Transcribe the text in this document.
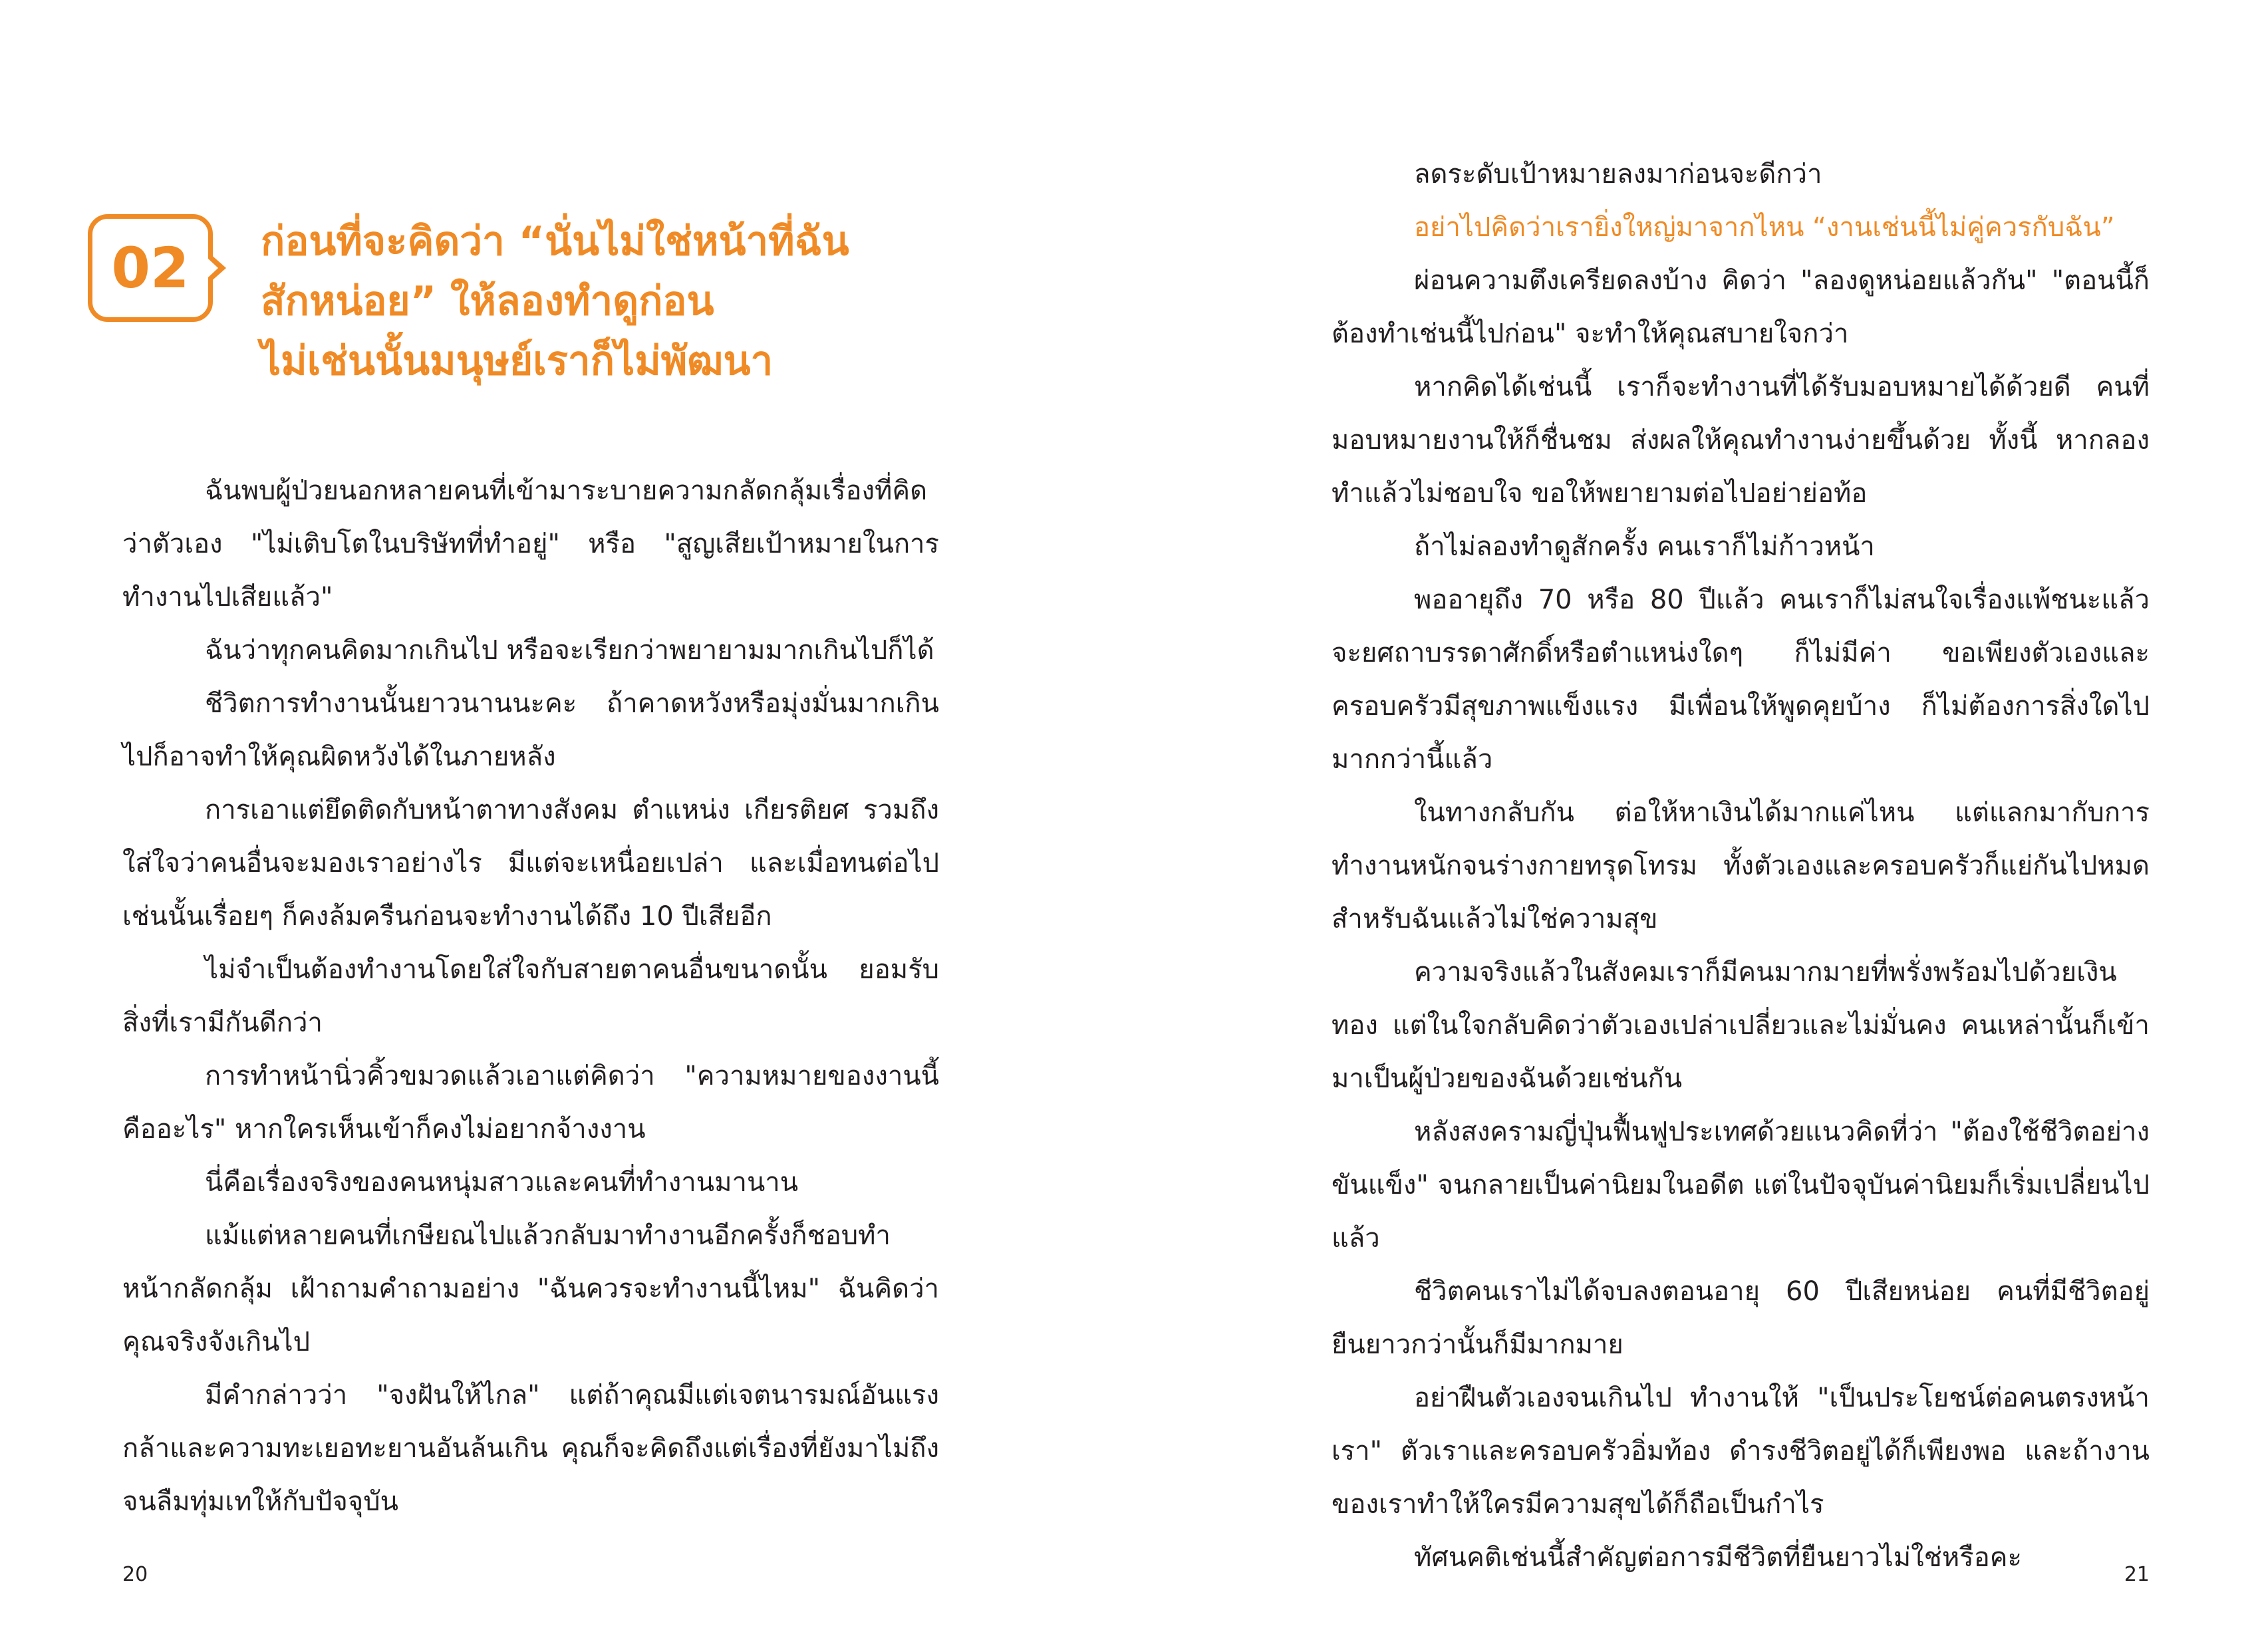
02	ก่อนที่จะคิดว่า “นั่นไม่ใช่หน้าที่ฉัน
สักหน่อย” ให้ลองทำดูก่อน
ไม่เช่นนั้นมนุษย์เราก็ไม่พัฒนา

ฉันพบผู้ป่วยนอกหลายคนที่เข้ามาระบายความกลัดกลุ้มเรื่องที่คิดว่าตัวเอง "ไม่เติบโตในบริษัทที่ทำอยู่" หรือ "สูญเสียเป้าหมายในการทำงานไปเสียแล้ว"

ฉันว่าทุกคนคิดมากเกินไป หรือจะเรียกว่าพยายามมากเกินไปก็ได้

ชีวิตการทำงานนั้นยาวนานนะคะ ถ้าคาดหวังหรือมุ่งมั่นมากเกินไปก็อาจทำให้คุณผิดหวังได้ในภายหลัง

การเอาแต่ยึดติดกับหน้าตาทางสังคม ตำแหน่ง เกียรติยศ รวมถึงใส่ใจว่าคนอื่นจะมองเราอย่างไร มีแต่จะเหนื่อยเปล่า และเมื่อทนต่อไปเช่นนั้นเรื่อยๆ ก็คงล้มครืนก่อนจะทำงานได้ถึง 10 ปีเสียอีก

ไม่จำเป็นต้องทำงานโดยใส่ใจกับสายตาคนอื่นขนาดนั้น ยอมรับสิ่งที่เรามีกันดีกว่า

การทำหน้านิ่วคิ้วขมวดแล้วเอาแต่คิดว่า "ความหมายของงานนี้คืออะไร" หากใครเห็นเข้าก็คงไม่อยากจ้างงาน

นี่คือเรื่องจริงของคนหนุ่มสาวและคนที่ทำงานมานาน

แม้แต่หลายคนที่เกษียณไปแล้วกลับมาทำงานอีกครั้งก็ชอบทำหน้ากลัดกลุ้ม เฝ้าถามคำถามอย่าง "ฉันควรจะทำงานนี้ไหม" ฉันคิดว่าคุณจริงจังเกินไป

มีคำกล่าวว่า "จงฝันให้ไกล" แต่ถ้าคุณมีแต่เจตนารมณ์อันแรงกล้าและความทะเยอทะยานอันล้นเกิน คุณก็จะคิดถึงแต่เรื่องที่ยังมาไม่ถึงจนลืมทุ่มเทให้กับปัจจุบัน

20

ลดระดับเป้าหมายลงมาก่อนจะดีกว่า

อย่าไปคิดว่าเรายิ่งใหญ่มาจากไหน “งานเช่นนี้ไม่คู่ควรกับฉัน”

ผ่อนความตึงเครียดลงบ้าง คิดว่า "ลองดูหน่อยแล้วกัน" "ตอนนี้ก็ต้องทำเช่นนี้ไปก่อน" จะทำให้คุณสบายใจกว่า

หากคิดได้เช่นนี้ เราก็จะทำงานที่ได้รับมอบหมายได้ด้วยดี คนที่มอบหมายงานให้ก็ชื่นชม ส่งผลให้คุณทำงานง่ายขึ้นด้วย ทั้งนี้ หากลองทำแล้วไม่ชอบใจ ขอให้พยายามต่อไปอย่าย่อท้อ

ถ้าไม่ลองทำดูสักครั้ง คนเราก็ไม่ก้าวหน้า

พออายุถึง 70 หรือ 80 ปีแล้ว คนเราก็ไม่สนใจเรื่องแพ้ชนะแล้ว จะยศถาบรรดาศักดิ์หรือตำแหน่งใดๆ ก็ไม่มีค่า ขอเพียงตัวเองและครอบครัวมีสุขภาพแข็งแรง มีเพื่อนให้พูดคุยบ้าง ก็ไม่ต้องการสิ่งใดไปมากกว่านี้แล้ว

ในทางกลับกัน ต่อให้หาเงินได้มากแค่ไหน แต่แลกมากับการทำงานหนักจนร่างกายทรุดโทรม ทั้งตัวเองและครอบครัวก็แย่กันไปหมด สำหรับฉันแล้วไม่ใช่ความสุข

ความจริงแล้วในสังคมเราก็มีคนมากมายที่พรั่งพร้อมไปด้วยเงินทอง แต่ในใจกลับคิดว่าตัวเองเปล่าเปลี่ยวและไม่มั่นคง คนเหล่านั้นก็เข้ามาเป็นผู้ป่วยของฉันด้วยเช่นกัน

หลังสงครามญี่ปุ่นฟื้นฟูประเทศด้วยแนวคิดที่ว่า "ต้องใช้ชีวิตอย่างขันแข็ง" จนกลายเป็นค่านิยมในอดีต แต่ในปัจจุบันค่านิยมก็เริ่มเปลี่ยนไปแล้ว

ชีวิตคนเราไม่ได้จบลงตอนอายุ 60 ปีเสียหน่อย คนที่มีชีวิตอยู่ยืนยาวกว่านั้นก็มีมากมาย

อย่าฝืนตัวเองจนเกินไป ทำงานให้ "เป็นประโยชน์ต่อคนตรงหน้าเรา" ตัวเราและครอบครัวอิ่มท้อง ดำรงชีวิตอยู่ได้ก็เพียงพอ และถ้างานของเราทำให้ใครมีความสุขได้ก็ถือเป็นกำไร

ทัศนคติเช่นนี้สำคัญต่อการมีชีวิตที่ยืนยาวไม่ใช่หรือคะ

21
